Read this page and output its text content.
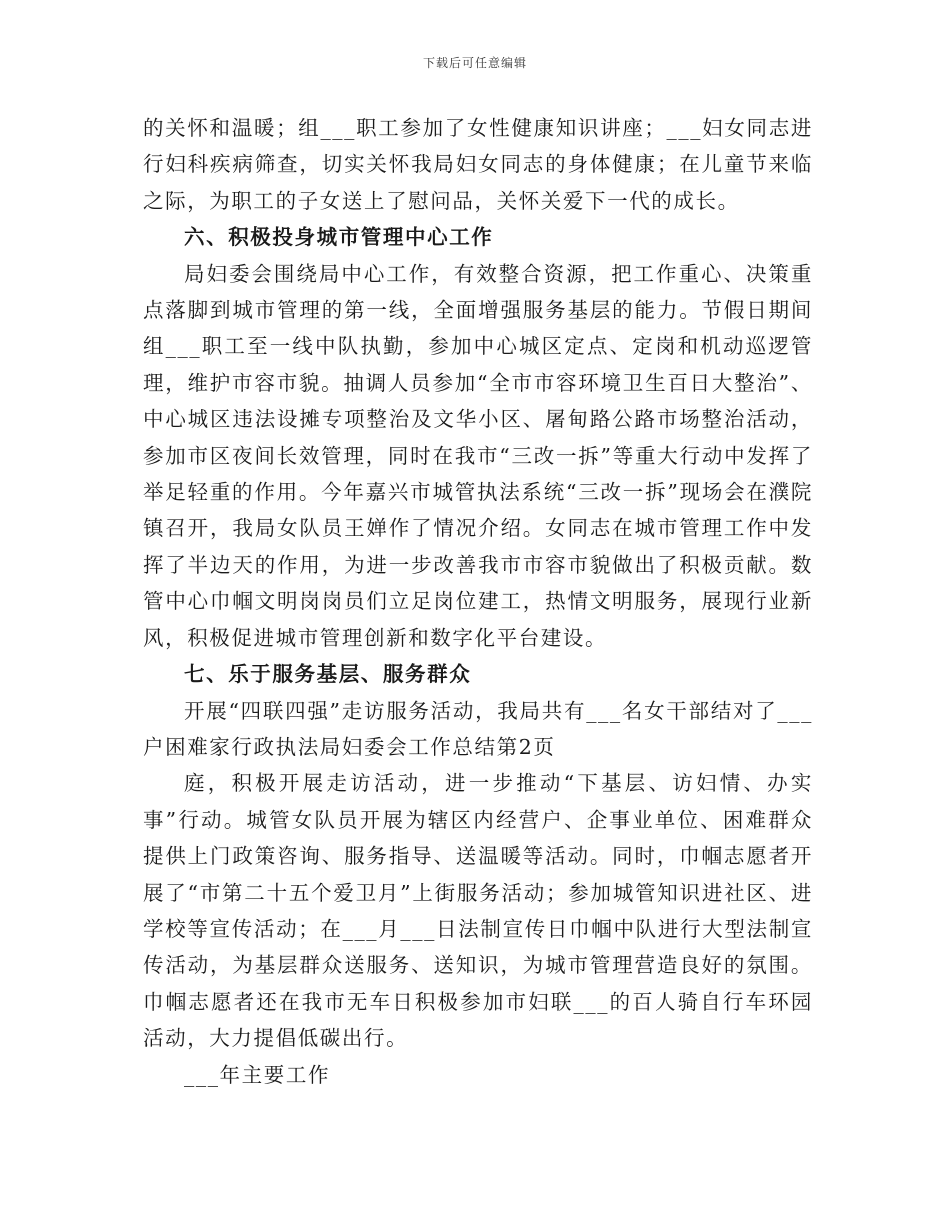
下载后可任意编辑

的关怀和温暖；组___职工参加了女性健康知识讲座；___妇女同志进行妇科疾病筛查，切实关怀我局妇女同志的身体健康；在儿童节来临之际，为职工的子女送上了慰问品，关怀关爱下一代的成长。

六、积极投身城市管理中心工作

局妇委会围绕局中心工作，有效整合资源，把工作重心、决策重点落脚到城市管理的第一线，全面增强服务基层的能力。节假日期间组___职工至一线中队执勤，参加中心城区定点、定岗和机动巡逻管理，维护市容市貌。抽调人员参加“全市市容环境卫生百日大整治”、中心城区违法设摊专项整治及文华小区、屠甸路公路市场整治活动，参加市区夜间长效管理，同时在我市“三改一拆”等重大行动中发挥了举足轻重的作用。今年嘉兴市城管执法系统“三改一拆”现场会在濮院镇召开，我局女队员王婵作了情况介绍。女同志在城市管理工作中发挥了半边天的作用，为进一步改善我市市容市貌做出了积极贡献。数管中心巾帼文明岗岗员们立足岗位建工，热情文明服务，展现行业新风，积极促进城市管理创新和数字化平台建设。

七、乐于服务基层、服务群众

开展“四联四强”走访服务活动，我局共有___名女干部结对了___户困难家行政执法局妇委会工作总结第2页

庭，积极开展走访活动，进一步推动“下基层、访妇情、办实事”行动。城管女队员开展为辖区内经营户、企事业单位、困难群众提供上门政策咨询、服务指导、送温暖等活动。同时，巾帼志愿者开展了“市第二十五个爱卫月”上街服务活动；参加城管知识进社区、进学校等宣传活动；在___月___日法制宣传日巾帼中队进行大型法制宣传活动，为基层群众送服务、送知识，为城市管理营造良好的氛围。巾帼志愿者还在我市无车日积极参加市妇联___的百人骑自行车环园活动，大力提倡低碳出行。

___年主要工作
